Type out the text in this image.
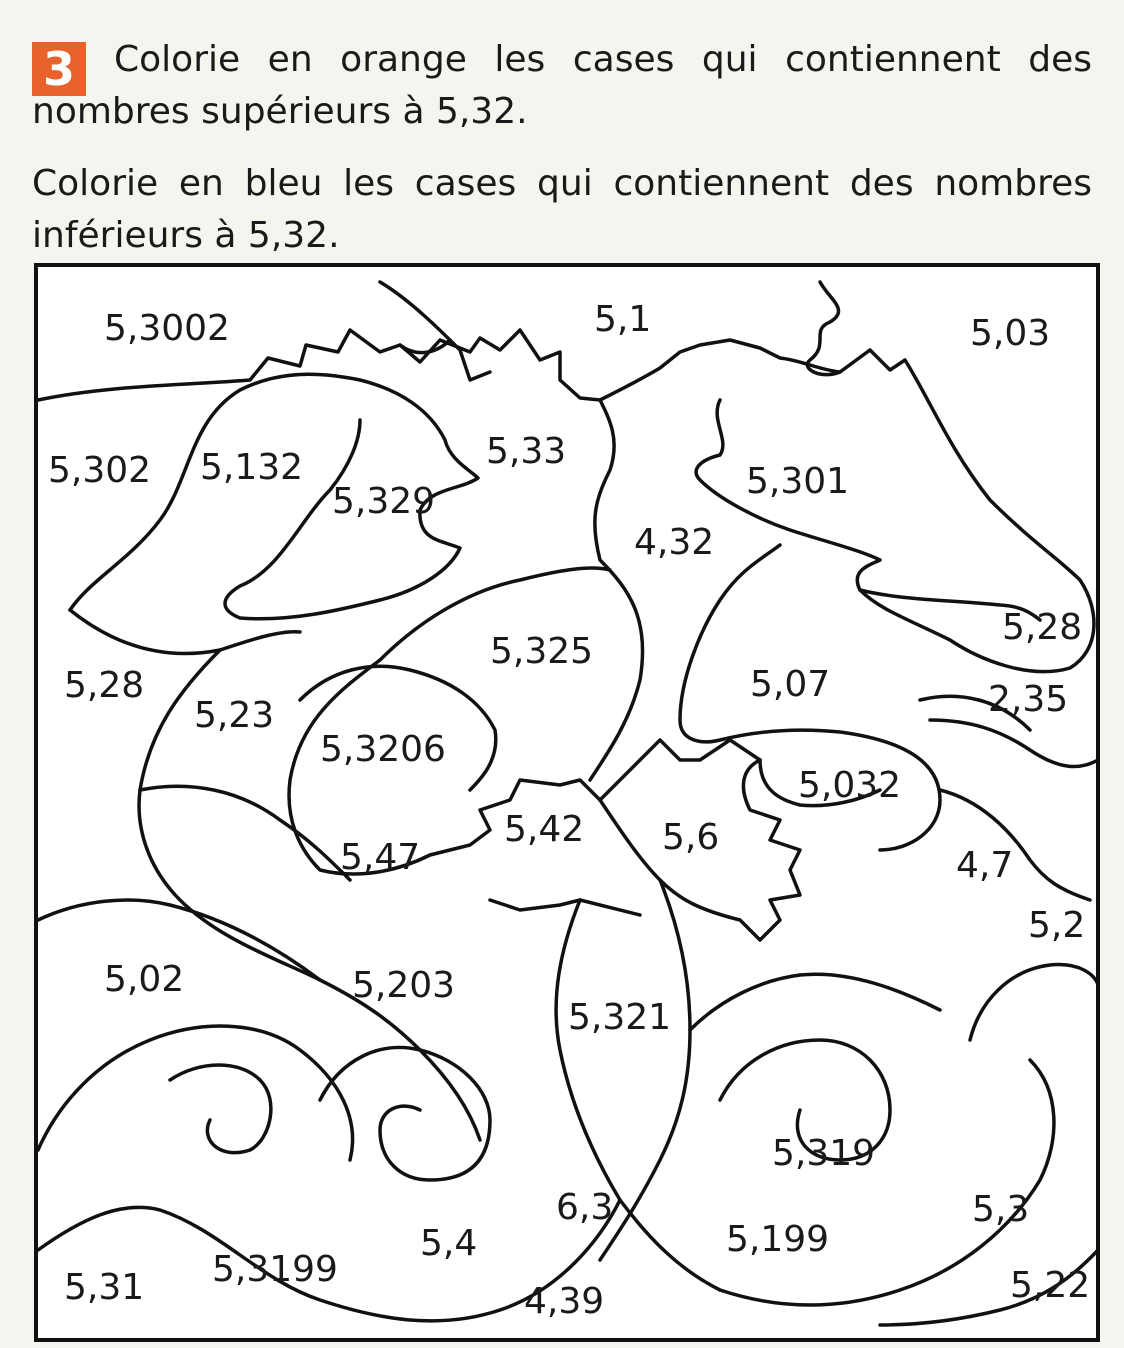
3	Colorie en orange les cases qui contiennent des nombres supérieurs à 5,32.

Colorie en bleu les cases qui contiennent des nombres inférieurs à 5,32.

5,3002	5,1	5,03
5,302 5,132
5,329
5,33
5,301
4,32
5,28
5,325
5,07
5,28
2,35
5,23
5,3206
5,032
5,47
5,42 5,6
4,7
5,2
5,02	5,203
5,321
5,319
6,3
5,4	5,199
5,3
5,31 5,3199
4,39	5,22
